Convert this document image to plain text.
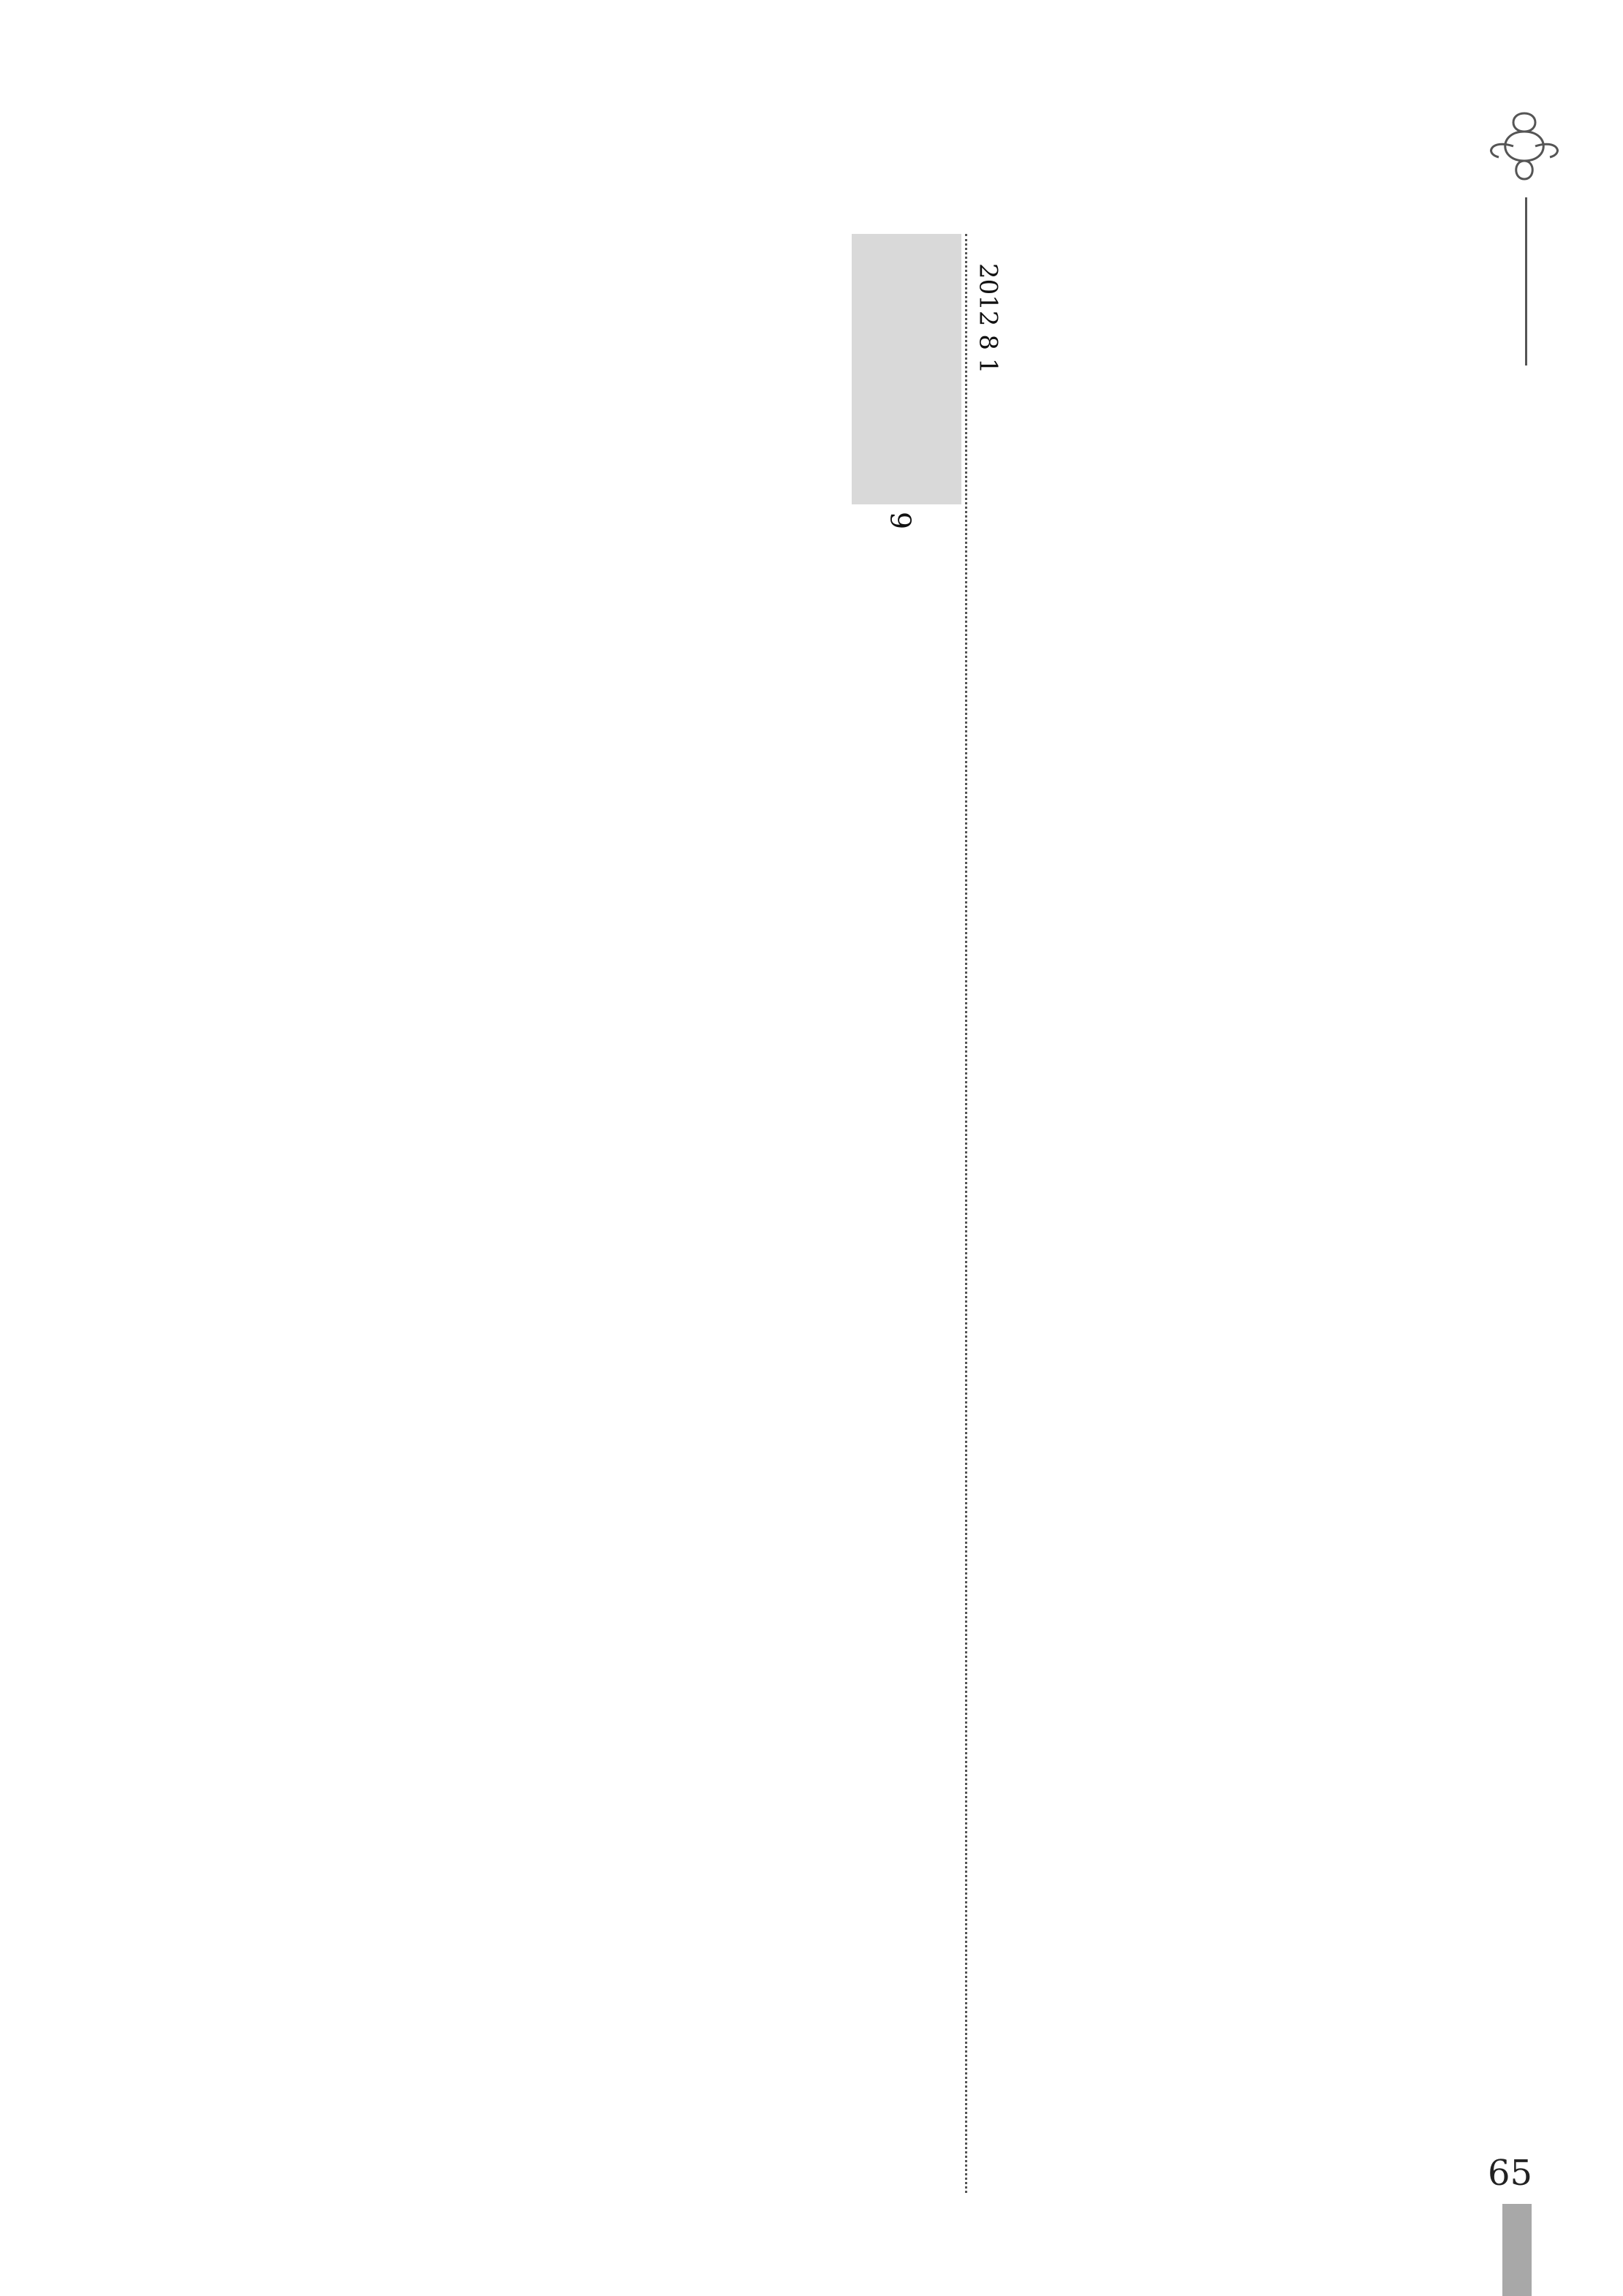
2012 8 1
9
65
